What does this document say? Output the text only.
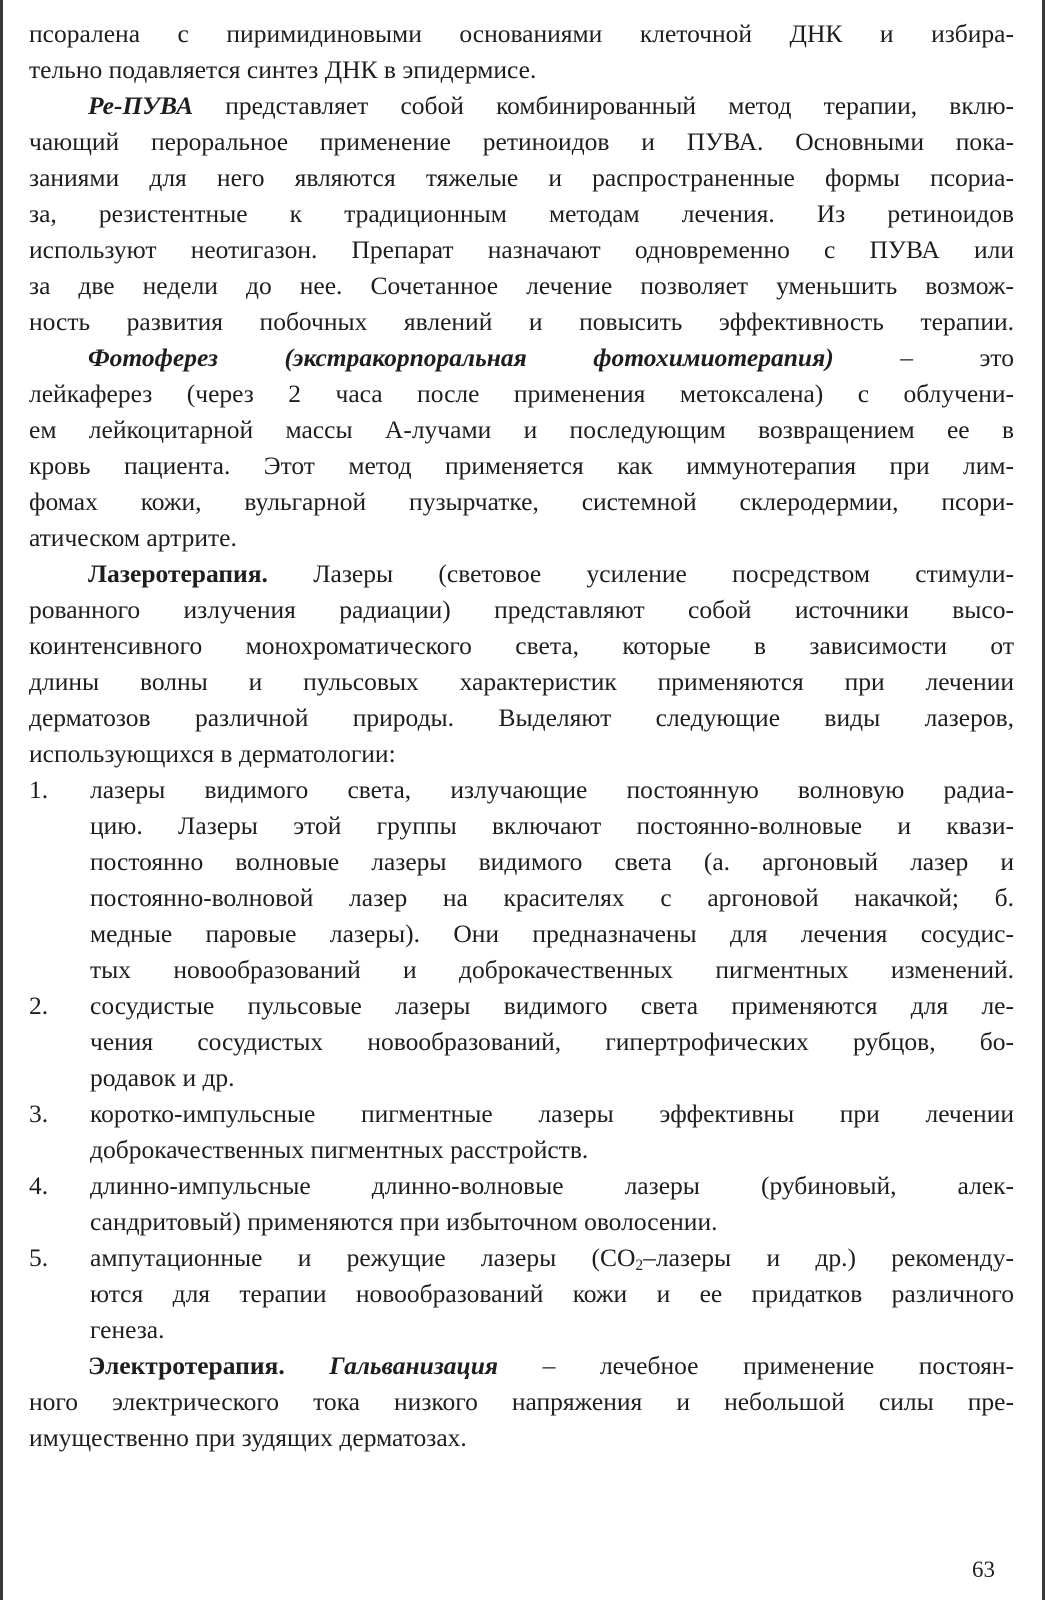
псоралена с пиримидиновыми основаниями клеточной ДНК и избира-
тельно подавляется синтез ДНК в эпидермисе.
Ре-ПУВА представляет собой комбинированный метод терапии, вклю-
чающий пероральное применение ретиноидов и ПУВА. Основными пока-
заниями для него являются тяжелые и распространенные формы псориа-
за, резистентные к традиционным методам лечения. Из ретиноидов
используют неотигазон. Препарат назначают одновременно с ПУВА или
за две недели до нее. Сочетанное лечение позволяет уменьшить возмож-
ность развития побочных явлений и повысить эффективность терапии.
Фотоферез (экстракорпоральная фотохимиотерапия) – это
лейкаферез (через 2 часа после применения метоксалена) с облучени-
ем лейкоцитарной массы А-лучами и последующим возвращением ее в
кровь пациента. Этот метод применяется как иммунотерапия при лим-
фомах кожи, вульгарной пузырчатке, системной склеродермии, псори-
атическом артрите.
Лазеротерапия. Лазеры (световое усиление посредством стимули-
рованного излучения радиации) представляют собой источники высо-
коинтенсивного монохроматического света, которые в зависимости от
длины волны и пульсовых характеристик применяются при лечении
дерматозов различной природы. Выделяют следующие виды лазеров,
использующихся в дерматологии:
1. лазеры видимого света, излучающие постоянную волновую радиа-
цию. Лазеры этой группы включают постоянно-волновые и квази-
постоянно волновые лазеры видимого света (а. аргоновый лазер и
постоянно-волновой лазер на красителях с аргоновой накачкой; б.
медные паровые лазеры). Они предназначены для лечения сосудис-
тых новообразований и доброкачественных пигментных изменений.
2. сосудистые пульсовые лазеры видимого света применяются для ле-
чения сосудистых новообразований, гипертрофических рубцов, бо-
родавок и др.
3. коротко-импульсные пигментные лазеры эффективны при лечении
доброкачественных пигментных расстройств.
4. длинно-импульсные длинно-волновые лазеры (рубиновый, алек-
сандритовый) применяются при избыточном оволосении.
5. ампутационные и режущие лазеры ($СО_2$–лазеры и др.) рекоменду-
ются для терапии новообразований кожи и ее придатков различного
генеза.
Электротерапия. Гальванизация – лечебное применение постоян-
ного электрического тока низкого напряжения и небольшой силы пре-
имущественно при зудящих дерматозах.
63
